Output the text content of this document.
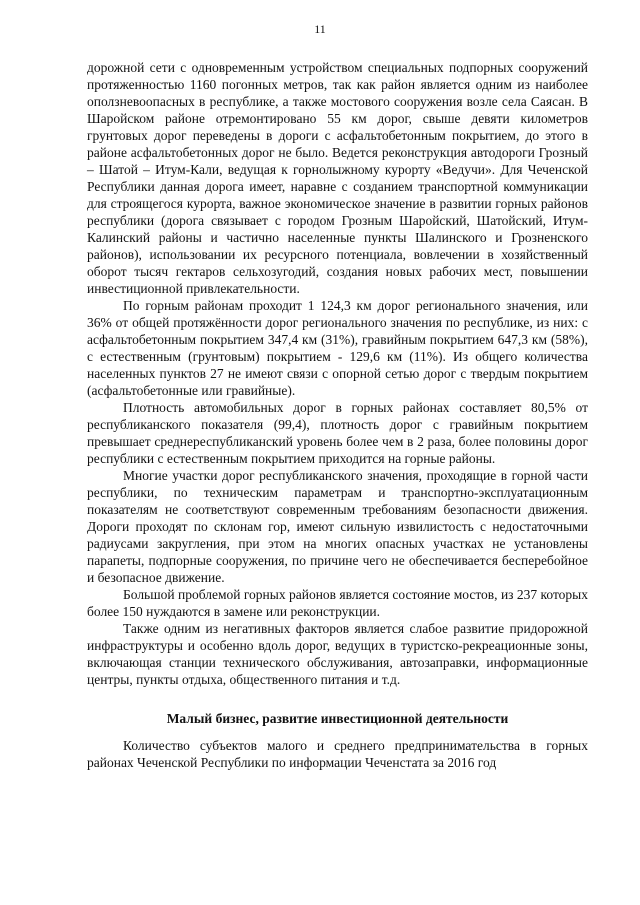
11

дорожной сети с одновременным устройством специальных подпорных сооружений протяженностью 1160 погонных метров, так как район является одним из наиболее оползневоопасных в республике, а также мостового сооружения возле села Саясан. В Шаройском районе отремонтировано 55 км дорог, свыше девяти километров грунтовых дорог переведены в дороги с асфальтобетонным покрытием, до этого в районе асфальтобетонных дорог не было. Ведется реконструкция автодороги Грозный – Шатой – Итум-Кали, ведущая к горнолыжному курорту «Ведучи». Для Чеченской Республики данная дорога имеет, наравне с созданием транспортной коммуникации для строящегося курорта, важное экономическое значение в развитии горных районов республики (дорога связывает с городом Грозным Шаройский, Шатойский, Итум-Калинский районы и частично населенные пункты Шалинского и Грозненского районов), использовании их ресурсного потенциала, вовлечении в хозяйственный оборот тысяч гектаров сельхозугодий, создания новых рабочих мест, повышении инвестиционной привлекательности.

По горным районам проходит 1 124,3 км дорог регионального значения, или 36% от общей протяжённости дорог регионального значения по республике, из них: с асфальтобетонным покрытием 347,4 км (31%), гравийным покрытием 647,3 км (58%), с естественным (грунтовым) покрытием - 129,6 км (11%). Из общего количества населенных пунктов 27 не имеют связи с опорной сетью дорог с твердым покрытием (асфальтобетонные или гравийные).

Плотность автомобильных дорог в горных районах составляет 80,5% от республиканского показателя (99,4), плотность дорог с гравийным покрытием превышает среднереспубликанский уровень более чем в 2 раза, более половины дорог республики с естественным покрытием приходится на горные районы.

Многие участки дорог республиканского значения, проходящие в горной части республики, по техническим параметрам и транспортно-эксплуатационным показателям не соответствуют современным требованиям безопасности движения. Дороги проходят по склонам гор, имеют сильную извилистость с недостаточными радиусами закругления, при этом на многих опасных участках не установлены парапеты, подпорные сооружения, по причине чего не обеспечивается бесперебойное и безопасное движение.

Большой проблемой горных районов является состояние мостов, из 237 которых более 150 нуждаются в замене или реконструкции.

Также одним из негативных факторов является слабое развитие придорожной инфраструктуры и особенно вдоль дорог, ведущих в туристско-рекреационные зоны, включающая станции технического обслуживания, автозаправки, информационные центры, пункты отдыха, общественного питания и т.д.

Малый бизнес, развитие инвестиционной деятельности

Количество субъектов малого и среднего предпринимательства в горных районах Чеченской Республики по информации Чеченстата за 2016 год
